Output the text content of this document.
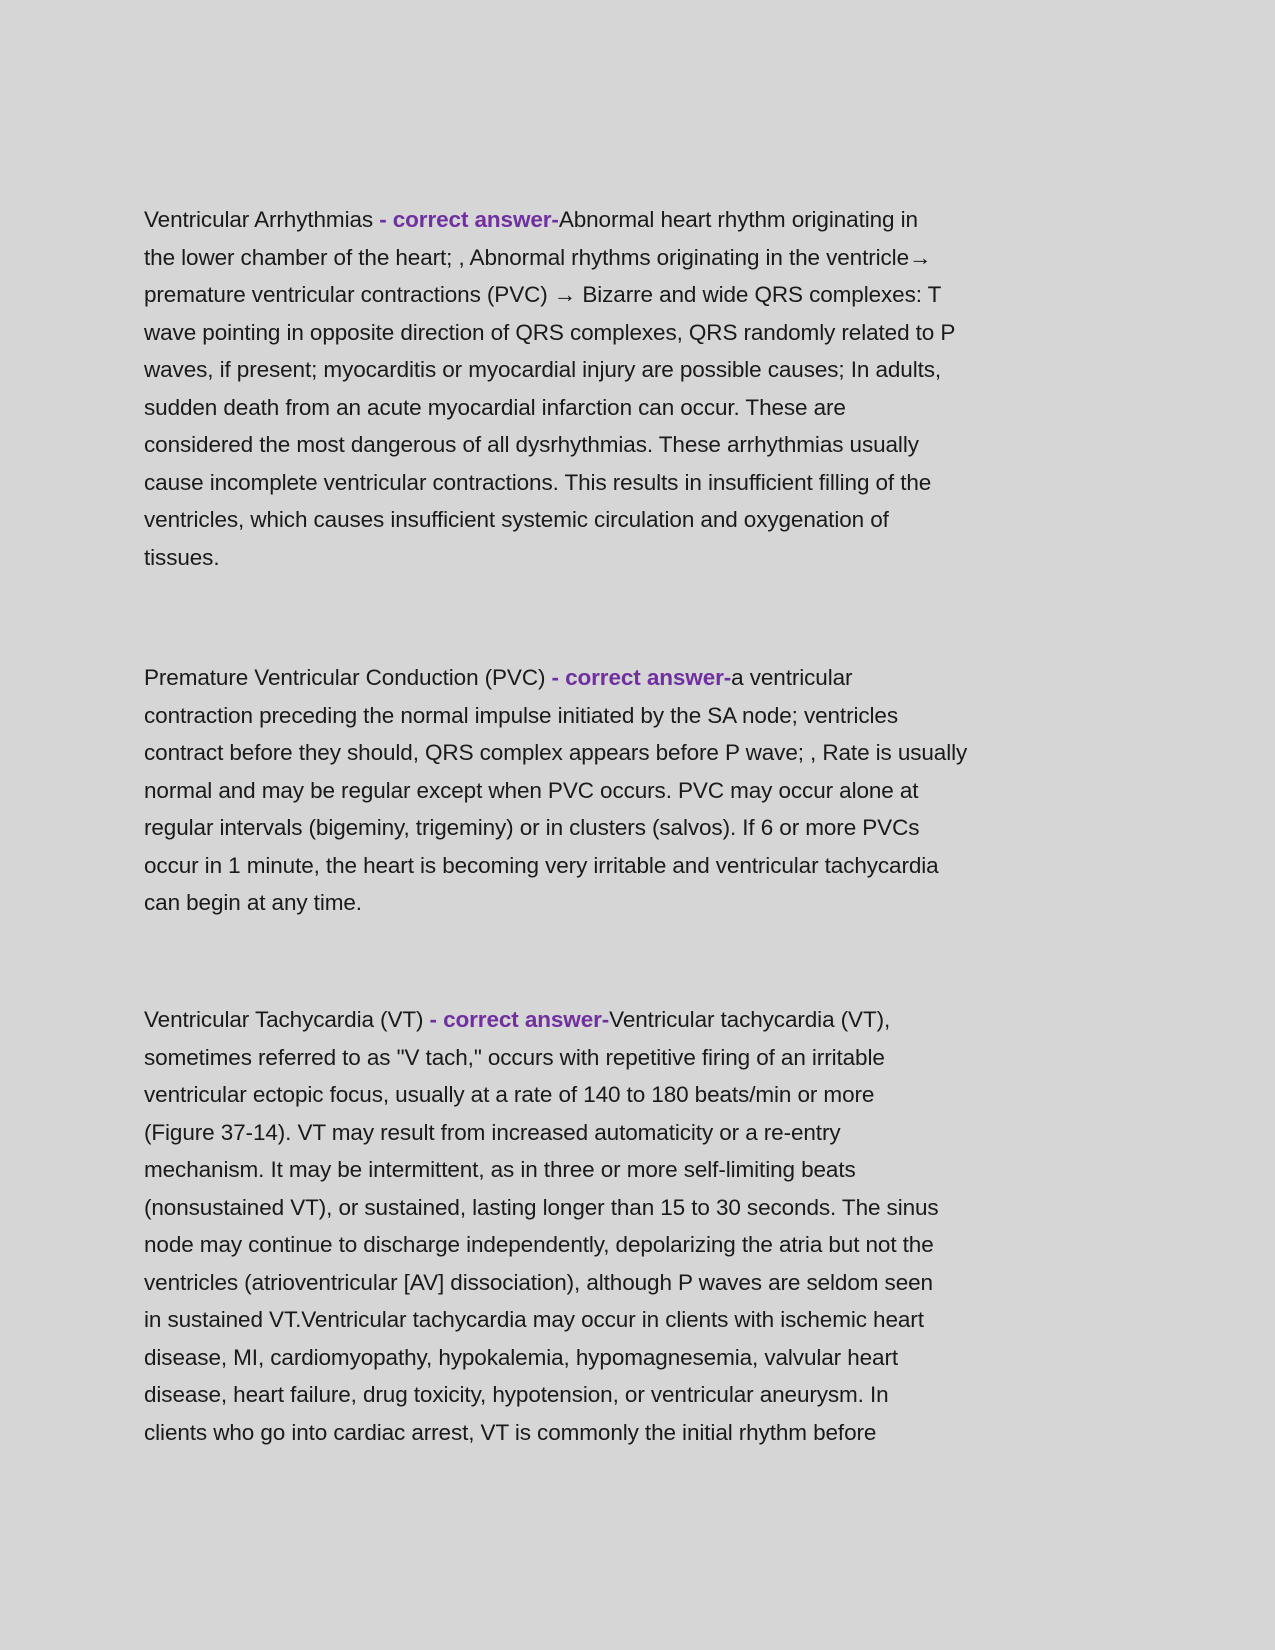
Ventricular Arrhythmias - correct answer-Abnormal heart rhythm originating in
the lower chamber of the heart; , Abnormal rhythms originating in the ventricle→
premature ventricular contractions (PVC) → Bizarre and wide QRS complexes: T
wave pointing in opposite direction of QRS complexes, QRS randomly related to P
waves, if present; myocarditis or myocardial injury are possible causes; In adults,
sudden death from an acute myocardial infarction can occur. These are
considered the most dangerous of all dysrhythmias. These arrhythmias usually
cause incomplete ventricular contractions. This results in insufficient filling of the
ventricles, which causes insufficient systemic circulation and oxygenation of
tissues.
Premature Ventricular Conduction (PVC) - correct answer-a ventricular
contraction preceding the normal impulse initiated by the SA node; ventricles
contract before they should, QRS complex appears before P wave; , Rate is usually
normal and may be regular except when PVC occurs. PVC may occur alone at
regular intervals (bigeminy, trigeminy) or in clusters (salvos). If 6 or more PVCs
occur in 1 minute, the heart is becoming very irritable and ventricular tachycardia
can begin at any time.
Ventricular Tachycardia (VT) - correct answer-Ventricular tachycardia (VT),
sometimes referred to as "V tach," occurs with repetitive firing of an irritable
ventricular ectopic focus, usually at a rate of 140 to 180 beats/min or more
(Figure 37-14). VT may result from increased automaticity or a re-entry
mechanism. It may be intermittent, as in three or more self-limiting beats
(nonsustained VT), or sustained, lasting longer than 15 to 30 seconds. The sinus
node may continue to discharge independently, depolarizing the atria but not the
ventricles (atrioventricular [AV] dissociation), although P waves are seldom seen
in sustained VT.Ventricular tachycardia may occur in clients with ischemic heart
disease, MI, cardiomyopathy, hypokalemia, hypomagnesemia, valvular heart
disease, heart failure, drug toxicity, hypotension, or ventricular aneurysm. In
clients who go into cardiac arrest, VT is commonly the initial rhythm before
